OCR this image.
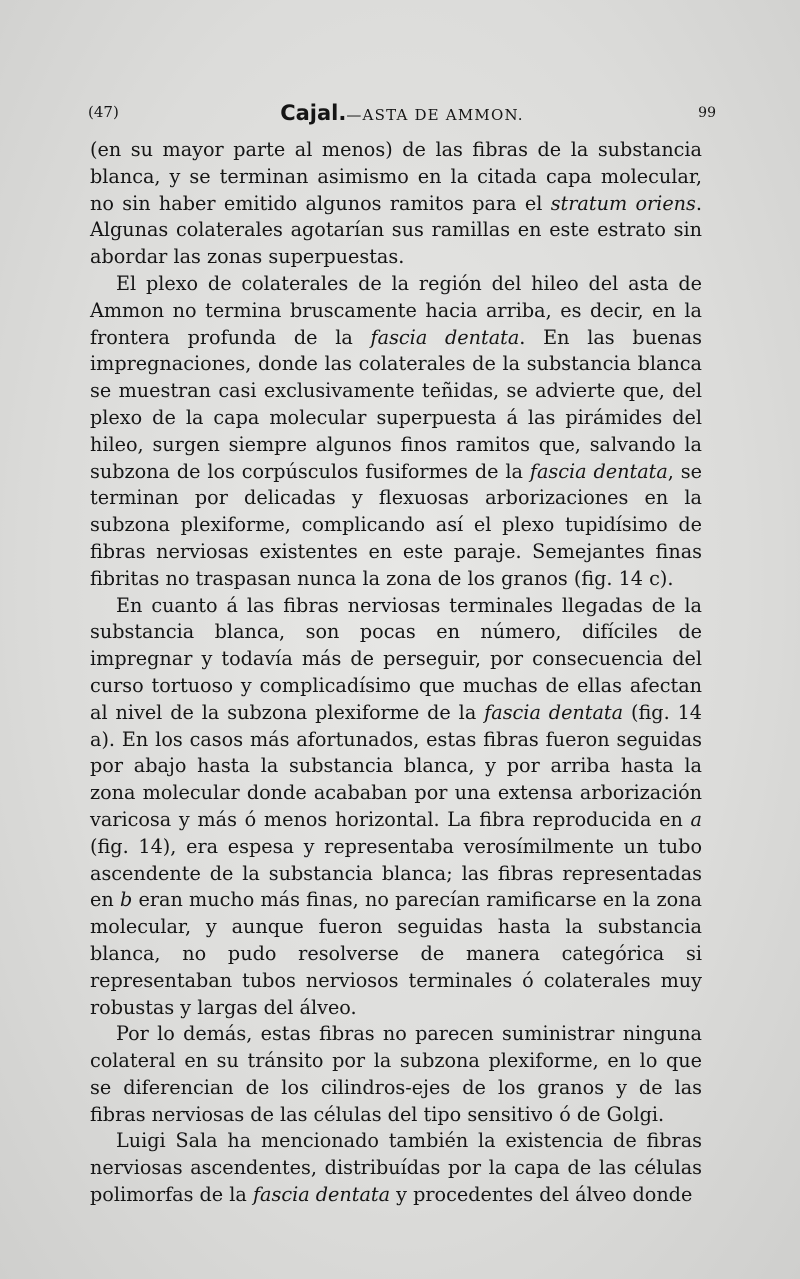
(47)	Cajal.—ASTA DE AMMON.	99

(en su mayor parte al menos) de las fibras de la substancia blanca, y se terminan asimismo en la citada capa molecular, no sin haber emitido algunos ramitos para el stratum oriens. Algunas colaterales agotarían sus ramillas en este estrato sin abordar las zonas superpuestas.

El plexo de colaterales de la región del hileo del asta de Ammon no termina bruscamente hacia arriba, es decir, en la frontera profunda de la fascia dentata. En las buenas impregnaciones, donde las colaterales de la substancia blanca se muestran casi exclusivamente teñidas, se advierte que, del plexo de la capa molecular superpuesta á las pirámides del hileo, surgen siempre algunos finos ramitos que, salvando la subzona de los corpúsculos fusiformes de la fascia dentata, se terminan por delicadas y flexuosas arborizaciones en la subzona plexiforme, complicando así el plexo tupidísimo de fibras nerviosas existentes en este paraje. Semejantes finas fibritas no traspasan nunca la zona de los granos (fig. 14 c).

En cuanto á las fibras nerviosas terminales llegadas de la substancia blanca, son pocas en número, difíciles de impregnar y todavía más de perseguir, por consecuencia del curso tortuoso y complicadísimo que muchas de ellas afectan al nivel de la subzona plexiforme de la fascia dentata (fig. 14 a). En los casos más afortunados, estas fibras fueron seguidas por abajo hasta la substancia blanca, y por arriba hasta la zona molecular donde acababan por una extensa arborización varicosa y más ó menos horizontal. La fibra reproducida en a (fig. 14), era espesa y representaba verosímilmente un tubo ascendente de la substancia blanca; las fibras representadas en b eran mucho más finas, no parecían ramificarse en la zona molecular, y aunque fueron seguidas hasta la substancia blanca, no pudo resolverse de manera categórica si representaban tubos nerviosos terminales ó colaterales muy robustas y largas del álveo.

Por lo demás, estas fibras no parecen suministrar ninguna colateral en su tránsito por la subzona plexiforme, en lo que se diferencian de los cilindros-ejes de los granos y de las fibras nerviosas de las células del tipo sensitivo ó de Golgi.

Luigi Sala ha mencionado también la existencia de fibras nerviosas ascendentes, distribuídas por la capa de las células polimorfas de la fascia dentata y procedentes del álveo donde
